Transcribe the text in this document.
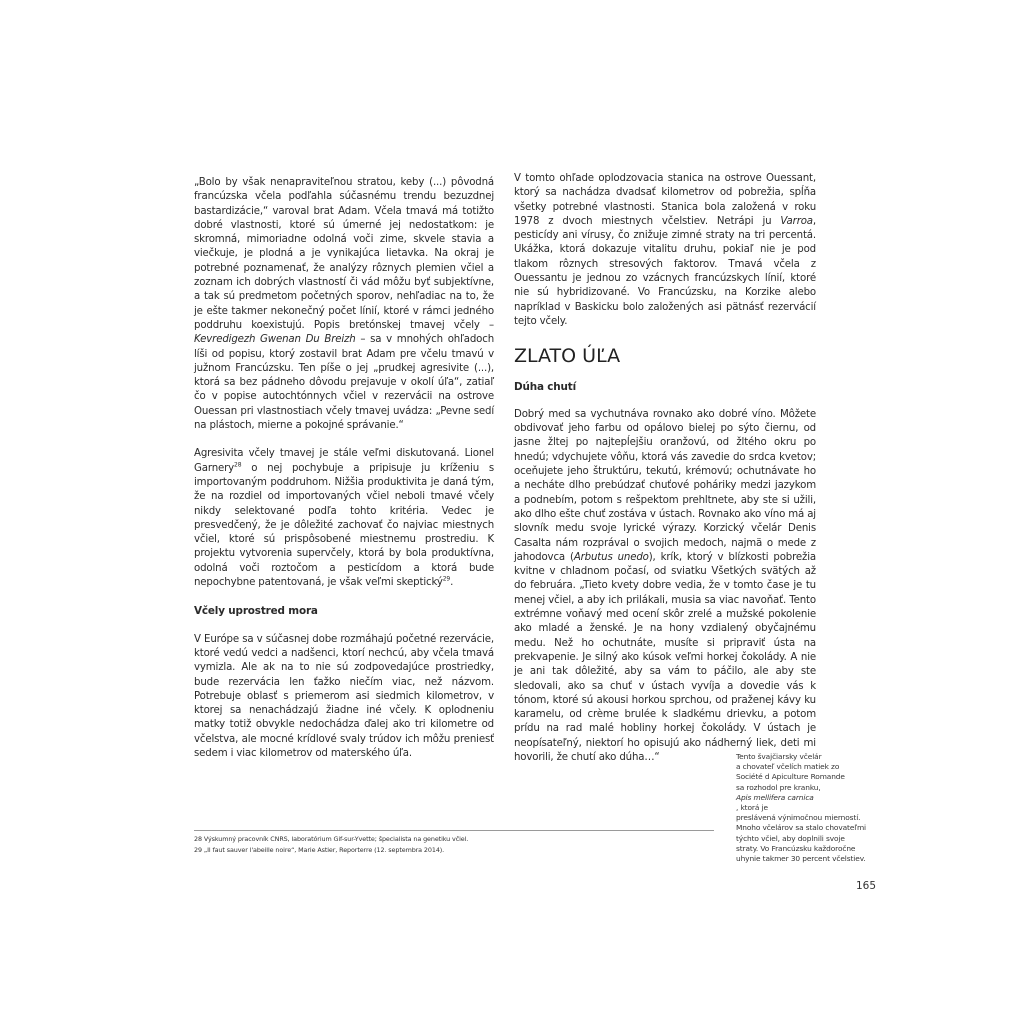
„Bolo by však nenapraviteľnou stratou, keby (...) pôvodná francúzska včela podľahla súčasnému trendu bezuzdnej bastardizácie,“ varoval brat Adam. Včela tmavá má totižto dobré vlastnosti, ktoré sú úmerné jej nedostatkom: je skromná, mimoriadne odolná voči zime, skvele stavia a viečkuje, je plodná a je vynikajúca lietavka. Na okraj je potrebné poznamenať, že analýzy rôznych plemien včiel a zoznam ich dobrých vlastností či vád môžu byť subjektívne, a tak sú predmetom početných sporov, nehľadiac na to, že je ešte takmer nekonečný počet línií, ktoré v rámci jedného poddruhu koexistujú. Popis bretónskej tmavej včely – Kevredigezh Gwenan Du Breizh – sa v mnohých ohľadoch líši od popisu, ktorý zostavil brat Adam pre včelu tmavú v južnom Francúzsku. Ten píše o jej „prudkej agresivite (...), ktorá sa bez pádneho dôvodu prejavuje v okolí úľa“, zatiaľ čo v popise autochtónnych včiel v rezervácii na ostrove Ouessan pri vlastnostiach včely tmavej uvádza: „Pevne sedí na plástoch, mierne a pokojné správanie.“

Agresivita včely tmavej je stále veľmi diskutovaná. Lionel Garnery$^{28}$ o nej pochybuje a pripisuje ju kríženiu s importovaným poddruhom. Nižšia produktivita je daná tým, že na rozdiel od importovaných včiel neboli tmavé včely nikdy selektované podľa tohto kritéria. Vedec je presvedčený, že je dôležité zachovať čo najviac miestnych včiel, ktoré sú prispôsobené miestnemu prostrediu. K projektu vytvorenia supervčely, ktorá by bola produktívna, odolná voči roztočom a pesticídom a ktorá bude nepochybne patentovaná, je však veľmi skeptický$^{29}$.

Včely uprostred mora

V Európe sa v súčasnej dobe rozmáhajú početné rezervácie, ktoré vedú vedci a nadšenci, ktorí nechcú, aby včela tmavá vymizla. Ale ak na to nie sú zodpovedajúce prostriedky, bude rezervácia len ťažko niečím viac, než názvom. Potrebuje oblasť s priemerom asi siedmich kilometrov, v ktorej sa nenachádzajú žiadne iné včely. K oplodneniu matky totiž obvykle nedochádza ďalej ako tri kilometre od včelstva, ale mocné krídlové svaly trúdov ich môžu preniesť sedem i viac kilometrov od materského úľa.

V tomto ohľade oplodzovacia stanica na ostrove Ouessant, ktorý sa nachádza dvadsať kilometrov od pobrežia, spĺňa všetky potrebné vlastnosti. Stanica bola založená v roku 1978 z dvoch miestnych včelstiev. Netrápi ju Varroa, pesticídy ani vírusy, čo znižuje zimné straty na tri percentá. Ukážka, ktorá dokazuje vitalitu druhu, pokiaľ nie je pod tlakom rôznych stresových faktorov. Tmavá včela z Ouessantu je jednou zo vzácnych francúzskych línií, ktoré nie sú hybridizované. Vo Francúzsku, na Korzike alebo napríklad v Baskicku bolo založených asi pätnásť rezervácií tejto včely.

ZLATO ÚĽA
Dúha chutí

Dobrý med sa vychutnáva rovnako ako dobré víno. Môžete obdivovať jeho farbu od opálovo bielej po sýto čiernu, od jasne žltej po najtepĺejšiu oranžovú, od žltého okru po hnedú; vdychujete vôňu, ktorá vás zavedie do srdca kvetov; oceňujete jeho štruktúru, tekutú, krémovú; ochutnávate ho a necháte dlho prebúdzať chuťové poháriky medzi jazykom a podnebím, potom s rešpektom prehltnete, aby ste si užili, ako dlho ešte chuť zostáva v ústach. Rovnako ako víno má aj slovník medu svoje lyrické výrazy. Korzický včelár Denis Casalta nám rozprával o svojich medoch, najmä o mede z jahodovca (Arbutus unedo), krík, ktorý v blízkosti pobrežia kvitne v chladnom počasí, od sviatku Všetkých svätých až do februára. „Tieto kvety dobre vedia, že v tomto čase je tu menej včiel, a aby ich prilákali, musia sa viac navoňať. Tento extrémne voňavý med ocení skôr zrelé a mužské pokolenie ako mladé a ženské. Je na hony vzdialený obyčajnému medu. Než ho ochutnáte, musíte si pripraviť ústa na prekvapenie. Je silný ako kúsok veľmi horkej čokolády. A nie je ani tak dôležité, aby sa vám to páčilo, ale aby ste sledovali, ako sa chuť v ústach vyvíja a dovedie vás k tónom, ktoré sú akousi horkou sprchou, od praženej kávy ku karamelu, od crème brulée k sladkému drievku, a potom prídu na rad malé hobliny horkej čokolády. V ústach je neopísateľný, niektorí ho opisujú ako nádherný liek, deti mi hovorili, že chutí ako dúha…“

28 Výskumný pracovník CNRS, laboratórium Gif-sur-Yvette; špecialista na genetiku včiel.
29 „Il faut sauver l'abeille noire“, Marie Astier, Reporterre (12. septembra 2014).
Tento švajčiarsky včelár
a chovateľ včelích matiek zo
Société d Apiculture Romande
sa rozhodol pre kranku,
Apis mellifera carnica
, ktorá je
preslávená výnimočnou mierností.
Mnoho včelárov sa stalo chovateľmi
týchto včiel, aby doplnili svoje
straty. Vo Francúzsku každoročne
uhynie takmer 30 percent včelstiev.
165
